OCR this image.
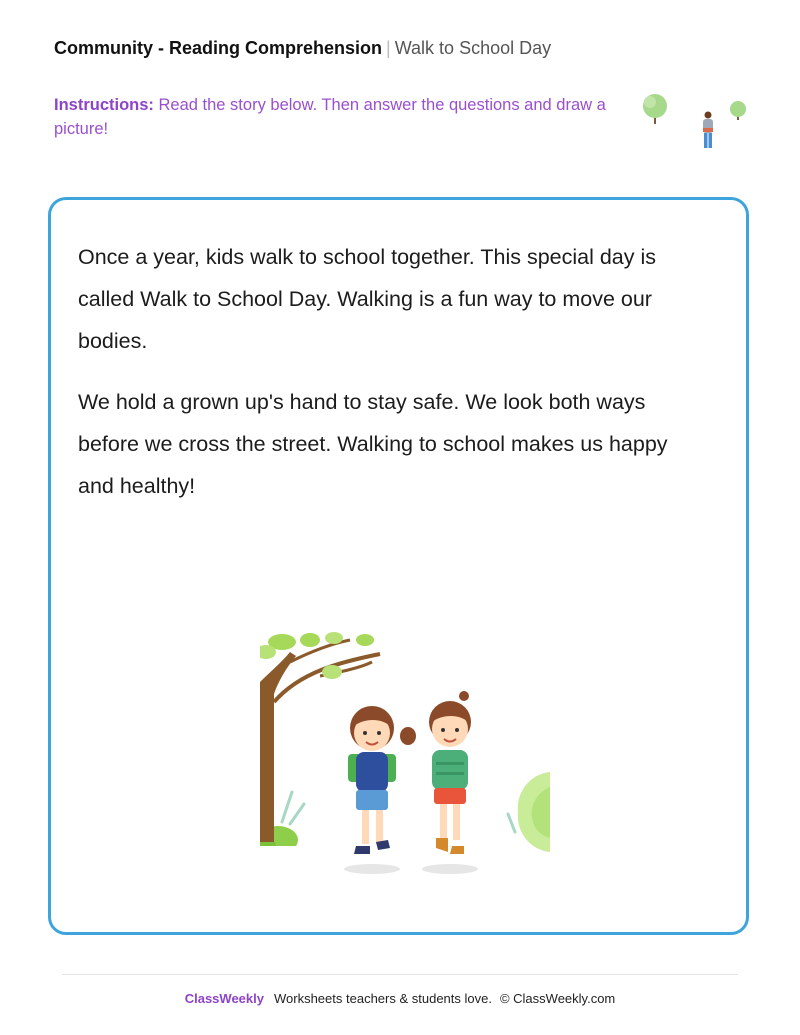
Community - Reading Comprehension | Walk to School Day
Instructions: Read the story below. Then answer the questions and draw a picture!

Once a year, kids walk to school together. This special day is called Walk to School Day. Walking is a fun way to move our bodies.

We hold a grown up's hand to stay safe. We look both ways before we cross the street. Walking to school makes us happy and healthy!

ClassWeekly Worksheets teachers & students love. © ClassWeekly.com
